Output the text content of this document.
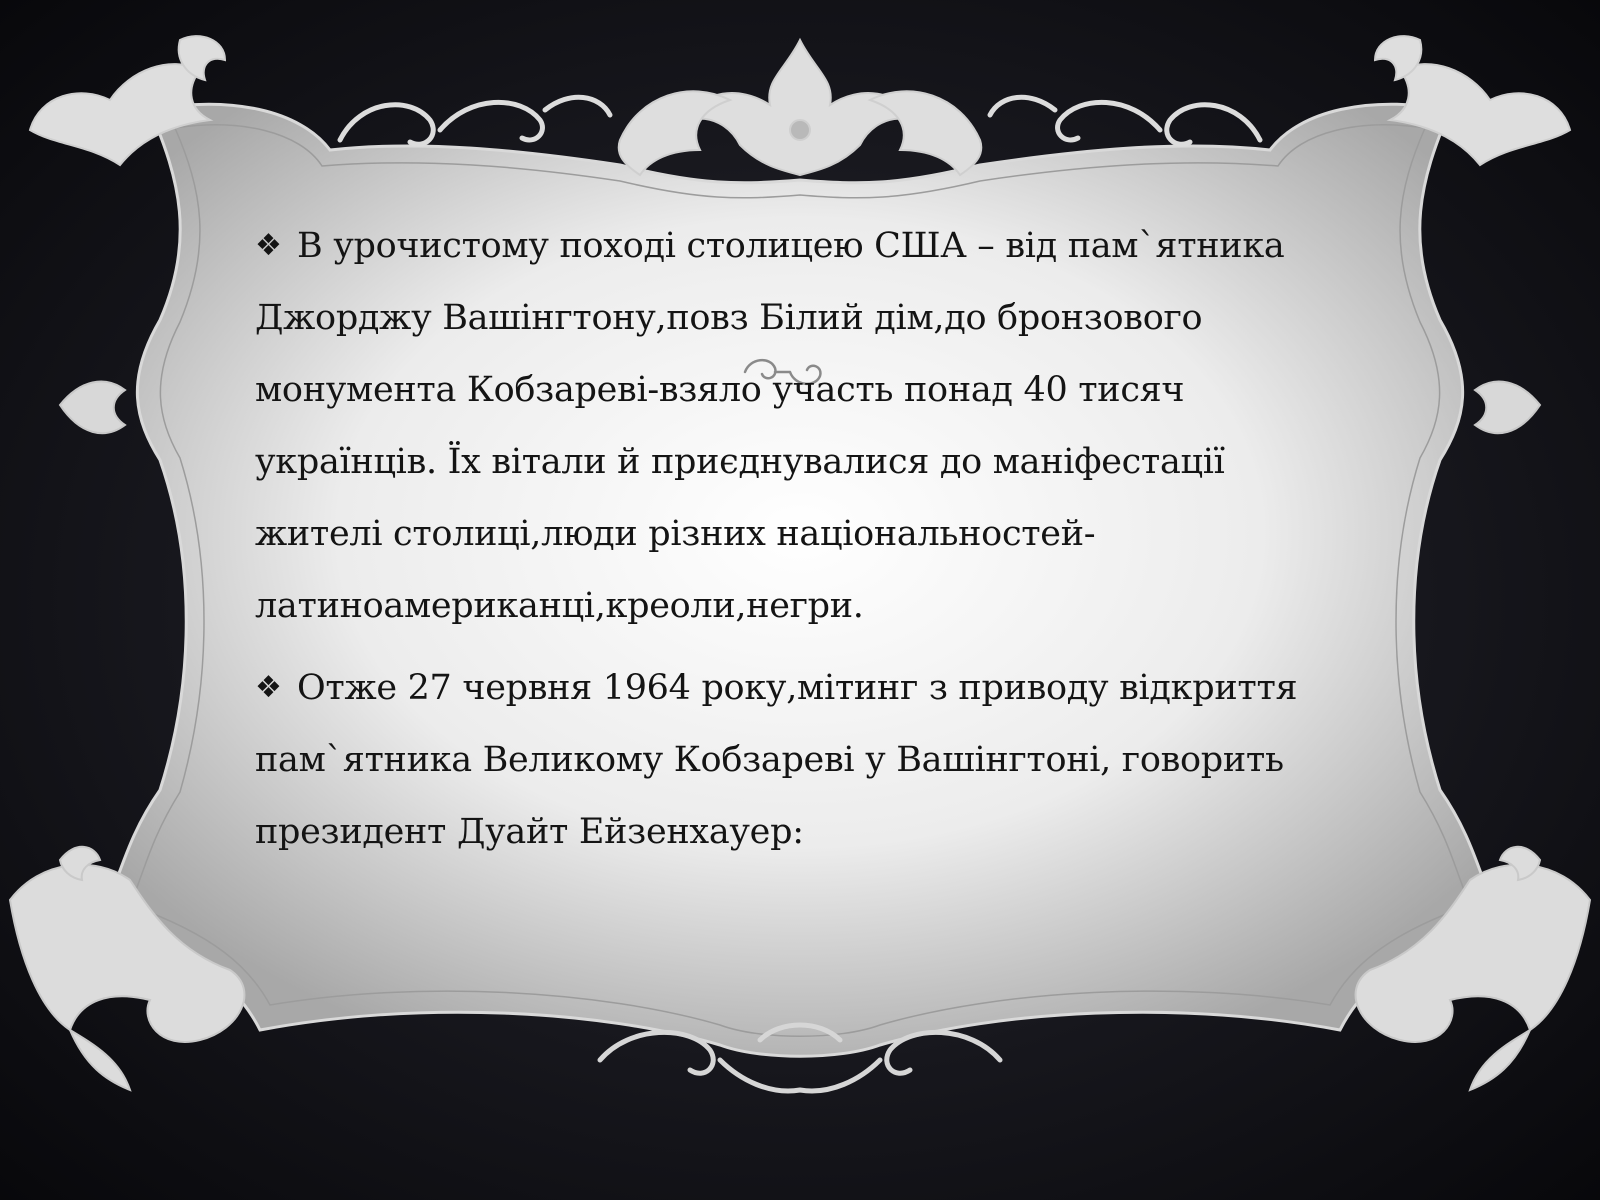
❖ В урочистому поході столицею США – від пам`ятника Джорджу Вашінгтону,повз Білий дім,до бронзового монумента Кобзареві-взяло участь понад 40 тисяч українців. Їх вітали й приєднувалися до маніфестації жителі столиці,люди різних національностей-латиноамериканці,креоли,негри.

❖ Отже 27 червня 1964 року,мітинг з приводу відкриття пам`ятника Великому Кобзареві у Вашінгтоні, говорить президент Дуайт Ейзенхауер:
